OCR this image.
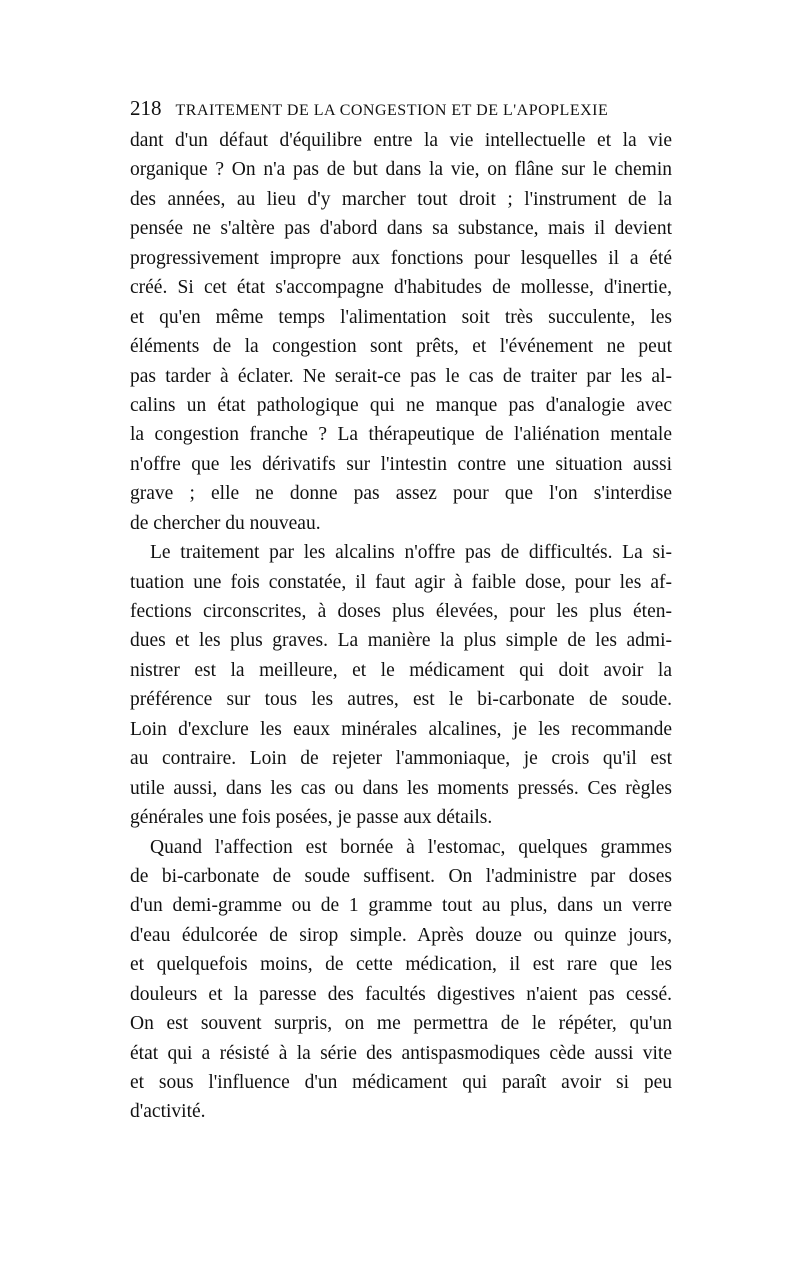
218 TRAITEMENT DE LA CONGESTION ET DE L'APOPLEXIE
dant d'un défaut d'équilibre entre la vie intellectuelle et la vie
organique ? On n'a pas de but dans la vie, on flâne sur le chemin
des années, au lieu d'y marcher tout droit ; l'instrument de la
pensée ne s'altère pas d'abord dans sa substance, mais il devient
progressivement impropre aux fonctions pour lesquelles il a été
créé. Si cet état s'accompagne d'habitudes de mollesse, d'inertie,
et qu'en même temps l'alimentation soit très succulente, les
éléments de la congestion sont prêts, et l'événement ne peut
pas tarder à éclater. Ne serait-ce pas le cas de traiter par les al-
calins un état pathologique qui ne manque pas d'analogie avec
la congestion franche ? La thérapeutique de l'aliénation mentale
n'offre que les dérivatifs sur l'intestin contre une situation aussi
grave ; elle ne donne pas assez pour que l'on s'interdise
de chercher du nouveau.
Le traitement par les alcalins n'offre pas de difficultés. La si-
tuation une fois constatée, il faut agir à faible dose, pour les af-
fections circonscrites, à doses plus élevées, pour les plus éten-
dues et les plus graves. La manière la plus simple de les admi-
nistrer est la meilleure, et le médicament qui doit avoir la
préférence sur tous les autres, est le bi-carbonate de soude.
Loin d'exclure les eaux minérales alcalines, je les recommande
au contraire. Loin de rejeter l'ammoniaque, je crois qu'il est
utile aussi, dans les cas ou dans les moments pressés. Ces règles
générales une fois posées, je passe aux détails.
Quand l'affection est bornée à l'estomac, quelques grammes
de bi-carbonate de soude suffisent. On l'administre par doses
d'un demi-gramme ou de 1 gramme tout au plus, dans un verre
d'eau édulcorée de sirop simple. Après douze ou quinze jours,
et quelquefois moins, de cette médication, il est rare que les
douleurs et la paresse des facultés digestives n'aient pas cessé.
On est souvent surpris, on me permettra de le répéter, qu'un
état qui a résisté à la série des antispasmodiques cède aussi vite
et sous l'influence d'un médicament qui paraît avoir si peu
d'activité.
